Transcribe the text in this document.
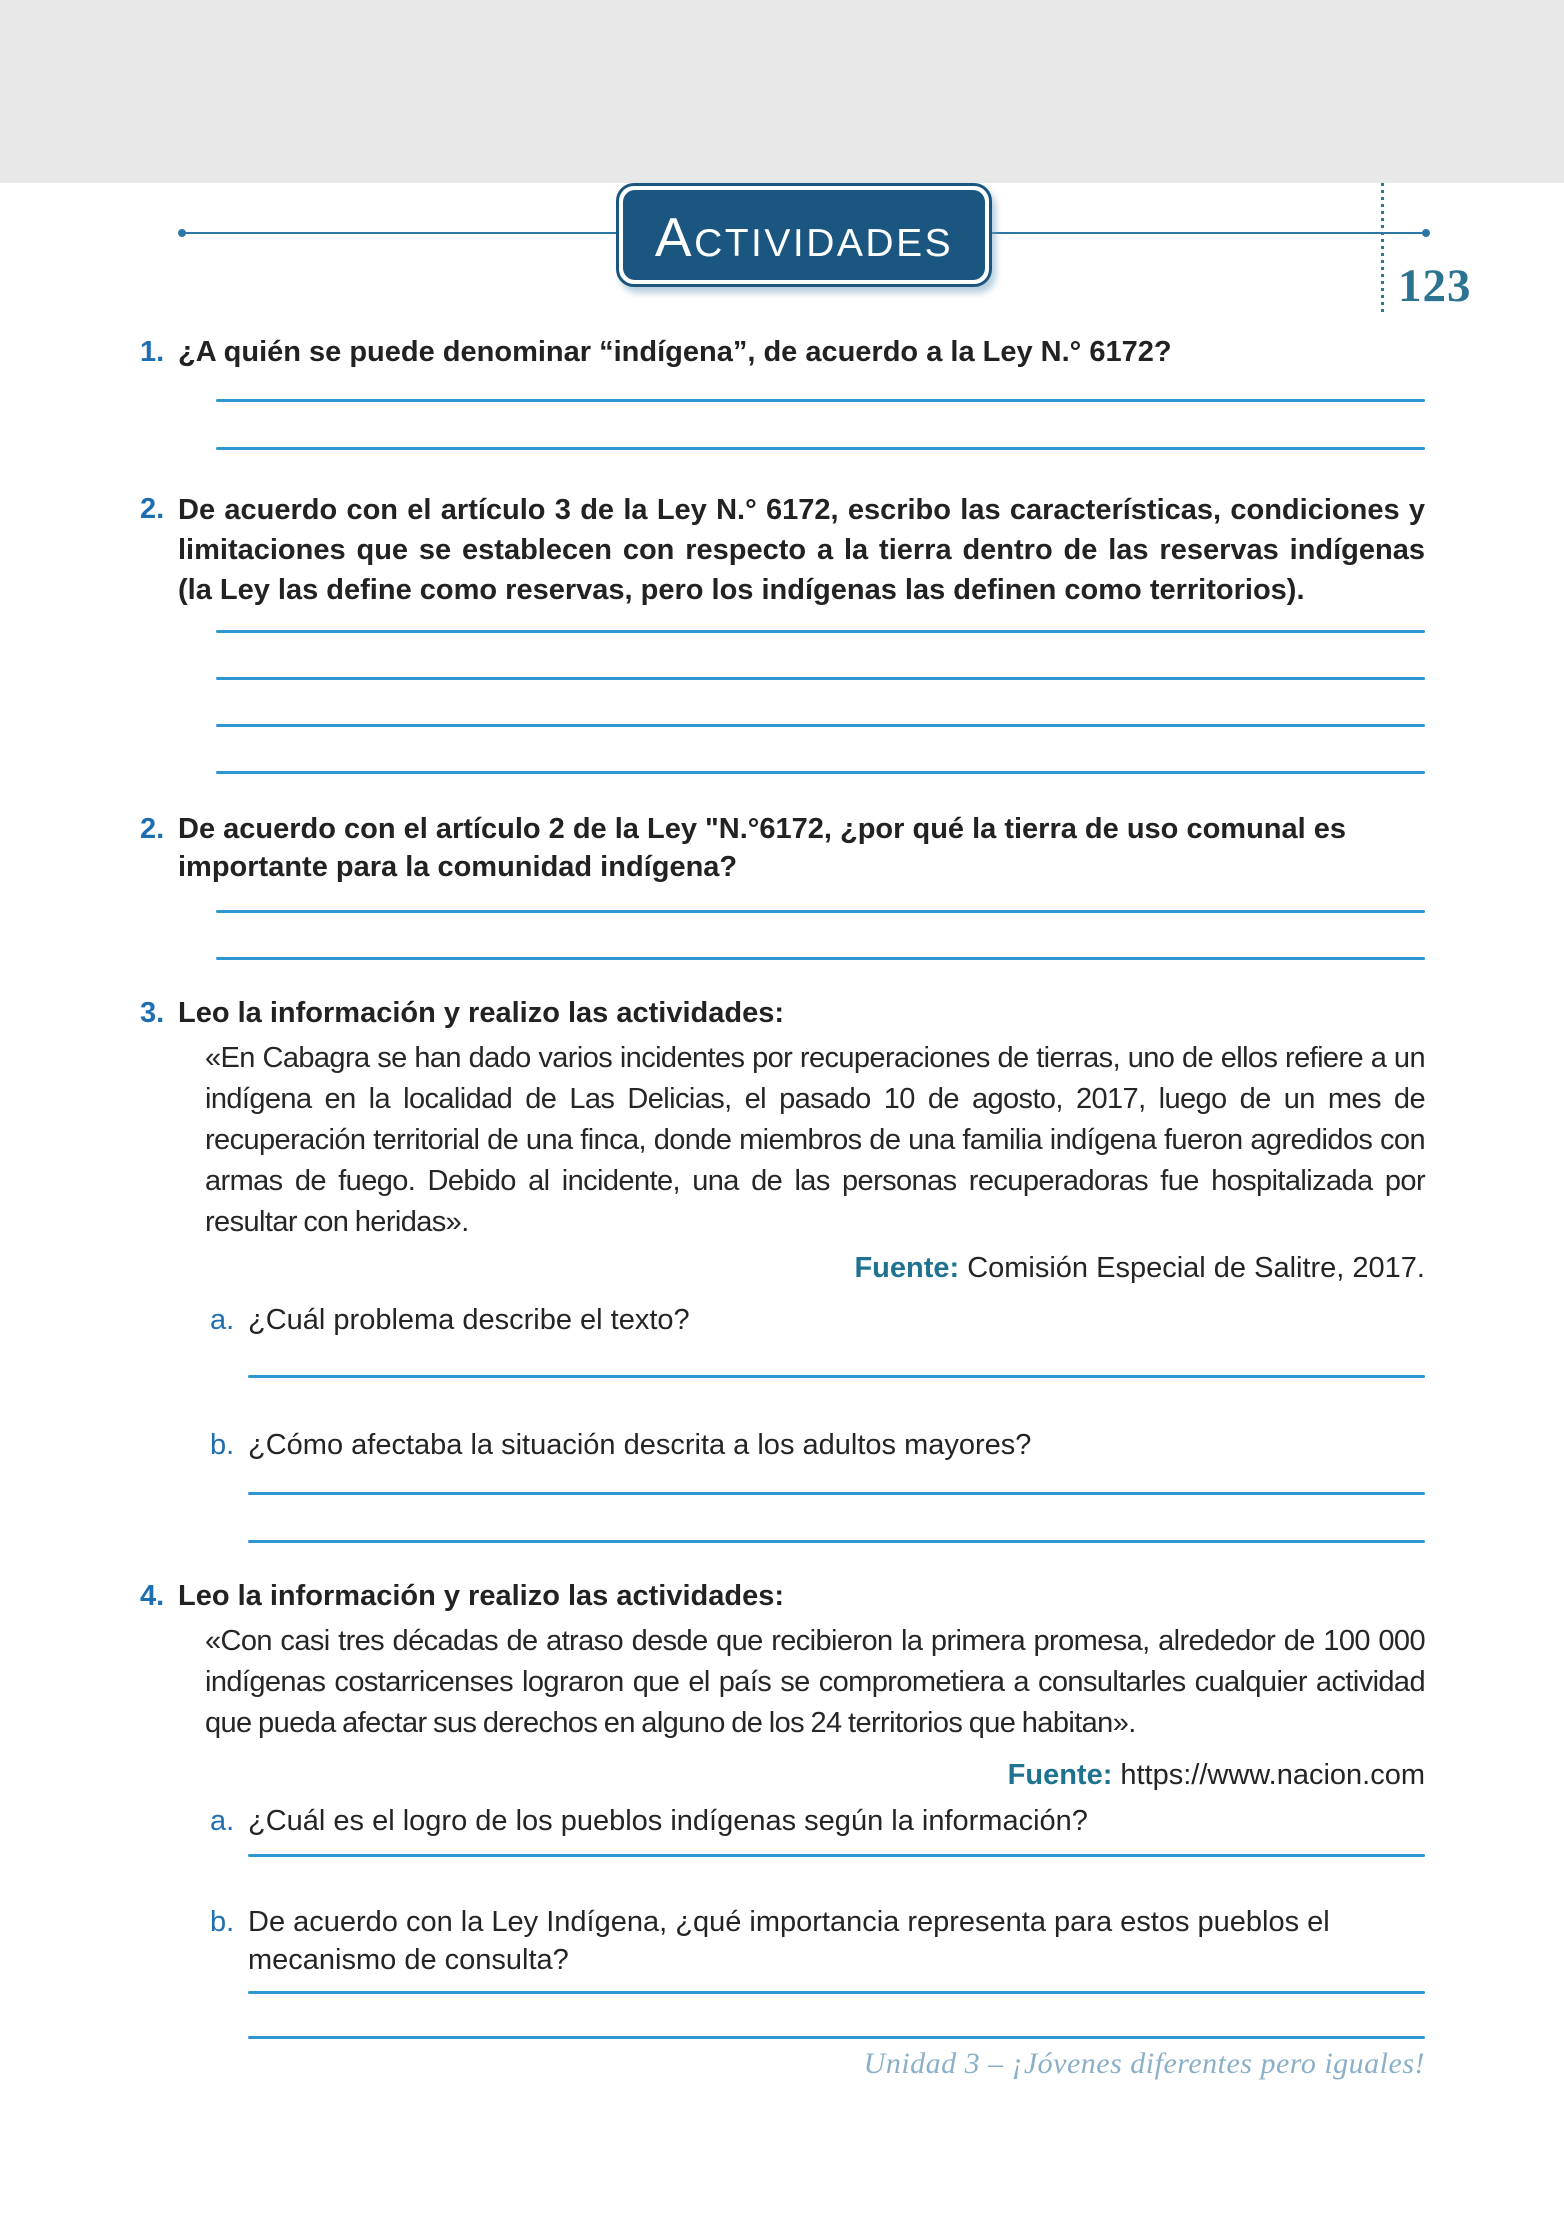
123
ACTIVIDADES
1. ¿A quién se puede denominar “indígena”, de acuerdo a la Ley N.° 6172?
2. De acuerdo con el artículo 3 de la Ley N.° 6172, escribo las características, condiciones y limitaciones que se establecen con respecto a la tierra dentro de las reservas indígenas (la Ley las define como reservas, pero los indígenas las definen como territorios).
2. De acuerdo con el artículo 2 de la Ley "N.°6172, ¿por qué la tierra de uso comunal es importante para la comunidad indígena?
3. Leo la información y realizo las actividades:
«En Cabagra se han dado varios incidentes por recuperaciones de tierras, uno de ellos refiere a un indígena en la localidad de Las Delicias, el pasado 10 de agosto, 2017, luego de un mes de recuperación territorial de una finca, donde miembros de una familia indígena fueron agredidos con armas de fuego. Debido al incidente, una de las personas recuperadoras fue hospitalizada por resultar con heridas».
Fuente: Comisión Especial de Salitre, 2017.
a. ¿Cuál problema describe el texto?
b. ¿Cómo afectaba la situación descrita a los adultos mayores?
4. Leo la información y realizo las actividades:
«Con casi tres décadas de atraso desde que recibieron la primera promesa, alrededor de 100 000 indígenas costarricenses lograron que el país se comprometiera a consultarles cualquier actividad que pueda afectar sus derechos en alguno de los 24 territorios que habitan».
Fuente: https://www.nacion.com
a. ¿Cuál es el logro de los pueblos indígenas según la información?
b. De acuerdo con la Ley Indígena, ¿qué importancia representa para estos pueblos el mecanismo de consulta?
Unidad 3 – ¡Jóvenes diferentes pero iguales!
